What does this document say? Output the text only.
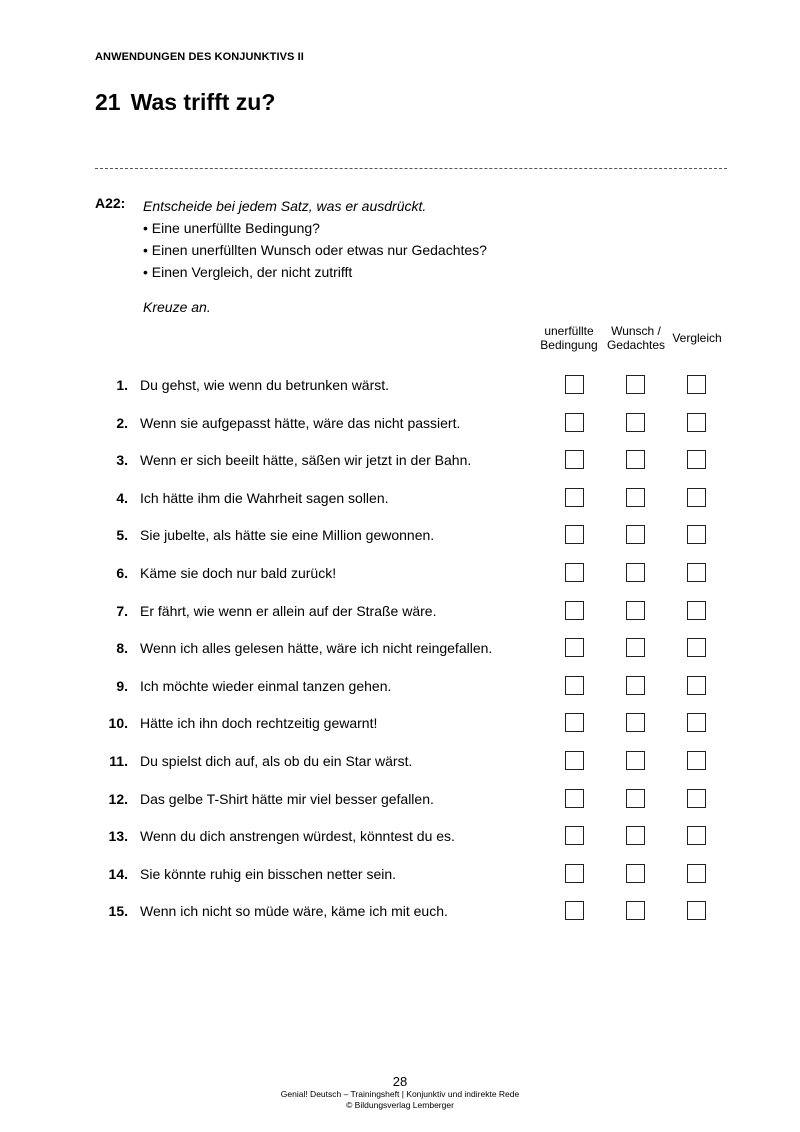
ANWENDUNGEN DES KONJUNKTIVS II
21 Was trifft zu?
A22: Entscheide bei jedem Satz, was er ausdrückt.
• Eine unerfüllte Bedingung?
• Einen unerfüllten Wunsch oder etwas nur Gedachtes?
• Einen Vergleich, der nicht zutrifft
Kreuze an.
unerfüllte
Bedingung
Wunsch /
Gedachtes Vergleich
1. Du gehst, wie wenn du betrunken wärst.
2. Wenn sie aufgepasst hätte, wäre das nicht passiert.
3. Wenn er sich beeilt hätte, säßen wir jetzt in der Bahn.
4. Ich hätte ihm die Wahrheit sagen sollen.
5. Sie jubelte, als hätte sie eine Million gewonnen.
6. Käme sie doch nur bald zurück!
7. Er fährt, wie wenn er allein auf der Straße wäre.
8. Wenn ich alles gelesen hätte, wäre ich nicht reingefallen.
9. Ich möchte wieder einmal tanzen gehen.
10. Hätte ich ihn doch rechtzeitig gewarnt!
11. Du spielst dich auf, als ob du ein Star wärst.
12. Das gelbe T-Shirt hätte mir viel besser gefallen.
13. Wenn du dich anstrengen würdest, könntest du es.
14. Sie könnte ruhig ein bisschen netter sein.
15. Wenn ich nicht so müde wäre, käme ich mit euch.
28
Genial! Deutsch – Trainingsheft | Konjunktiv und indirekte Rede
© Bildungsverlag Lemberger
